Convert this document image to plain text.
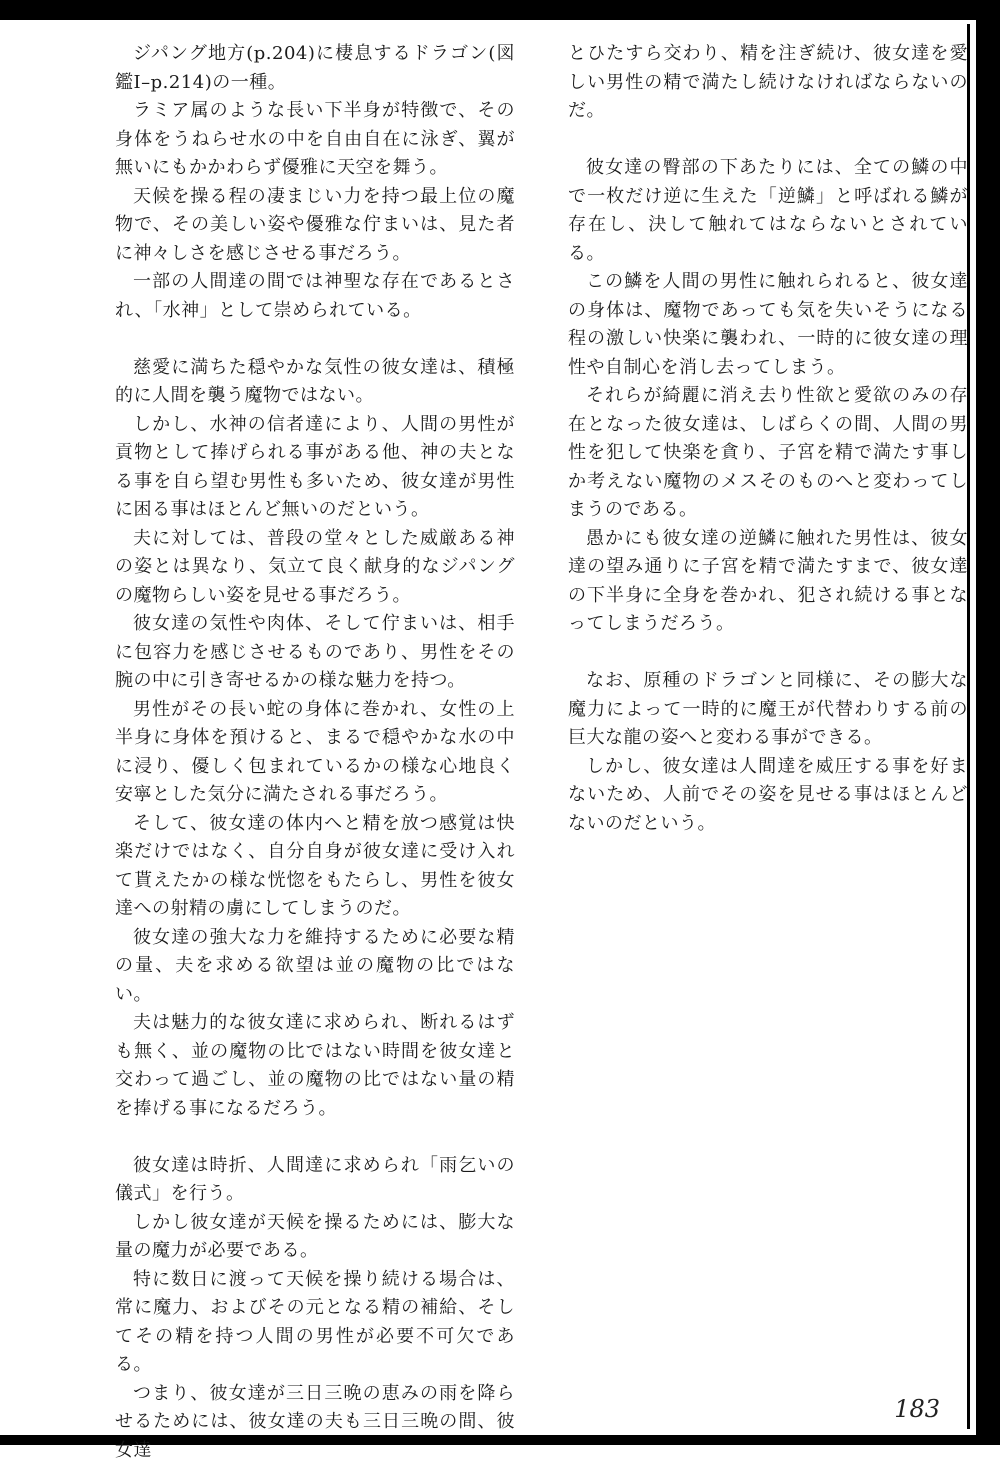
ジパング地方(p.204)に棲息するドラゴン(図鑑Ⅰ–p.214)の一種。

ラミア属のような長い下半身が特徴で、その身体をうねらせ水の中を自由自在に泳ぎ、翼が無いにもかかわらず優雅に天空を舞う。

天候を操る程の凄まじい力を持つ最上位の魔物で、その美しい姿や優雅な佇まいは、見た者に神々しさを感じさせる事だろう。

一部の人間達の間では神聖な存在であるとされ、「水神」として崇められている。

慈愛に満ちた穏やかな気性の彼女達は、積極的に人間を襲う魔物ではない。

しかし、水神の信者達により、人間の男性が貢物として捧げられる事がある他、神の夫となる事を自ら望む男性も多いため、彼女達が男性に困る事はほとんど無いのだという。

夫に対しては、普段の堂々とした威厳ある神の姿とは異なり、気立て良く献身的なジパングの魔物らしい姿を見せる事だろう。

彼女達の気性や肉体、そして佇まいは、相手に包容力を感じさせるものであり、男性をその腕の中に引き寄せるかの様な魅力を持つ。

男性がその長い蛇の身体に巻かれ、女性の上半身に身体を預けると、まるで穏やかな水の中に浸り、優しく包まれているかの様な心地良く安寧とした気分に満たされる事だろう。

そして、彼女達の体内へと精を放つ感覚は快楽だけではなく、自分自身が彼女達に受け入れて貰えたかの様な恍惚をもたらし、男性を彼女達への射精の虜にしてしまうのだ。

彼女達の強大な力を維持するために必要な精の量、夫を求める欲望は並の魔物の比ではない。

夫は魅力的な彼女達に求められ、断れるはずも無く、並の魔物の比ではない時間を彼女達と交わって過ごし、並の魔物の比ではない量の精を捧げる事になるだろう。

彼女達は時折、人間達に求められ「雨乞いの儀式」を行う。

しかし彼女達が天候を操るためには、膨大な量の魔力が必要である。

特に数日に渡って天候を操り続ける場合は、常に魔力、およびその元となる精の補給、そしてその精を持つ人間の男性が必要不可欠である。

つまり、彼女達が三日三晩の恵みの雨を降らせるためには、彼女達の夫も三日三晩の間、彼女達

とひたすら交わり、精を注ぎ続け、彼女達を愛しい男性の精で満たし続けなければならないのだ。

彼女達の臀部の下あたりには、全ての鱗の中で一枚だけ逆に生えた「逆鱗」と呼ばれる鱗が存在し、決して触れてはならないとされている。

この鱗を人間の男性に触れられると、彼女達の身体は、魔物であっても気を失いそうになる程の激しい快楽に襲われ、一時的に彼女達の理性や自制心を消し去ってしまう。

それらが綺麗に消え去り性欲と愛欲のみの存在となった彼女達は、しばらくの間、人間の男性を犯して快楽を貪り、子宮を精で満たす事しか考えない魔物のメスそのものへと変わってしまうのである。

愚かにも彼女達の逆鱗に触れた男性は、彼女達の望み通りに子宮を精で満たすまで、彼女達の下半身に全身を巻かれ、犯され続ける事となってしまうだろう。

なお、原種のドラゴンと同様に、その膨大な魔力によって一時的に魔王が代替わりする前の巨大な龍の姿へと変わる事ができる。

しかし、彼女達は人間達を威圧する事を好まないため、人前でその姿を見せる事はほとんどないのだという。

183
